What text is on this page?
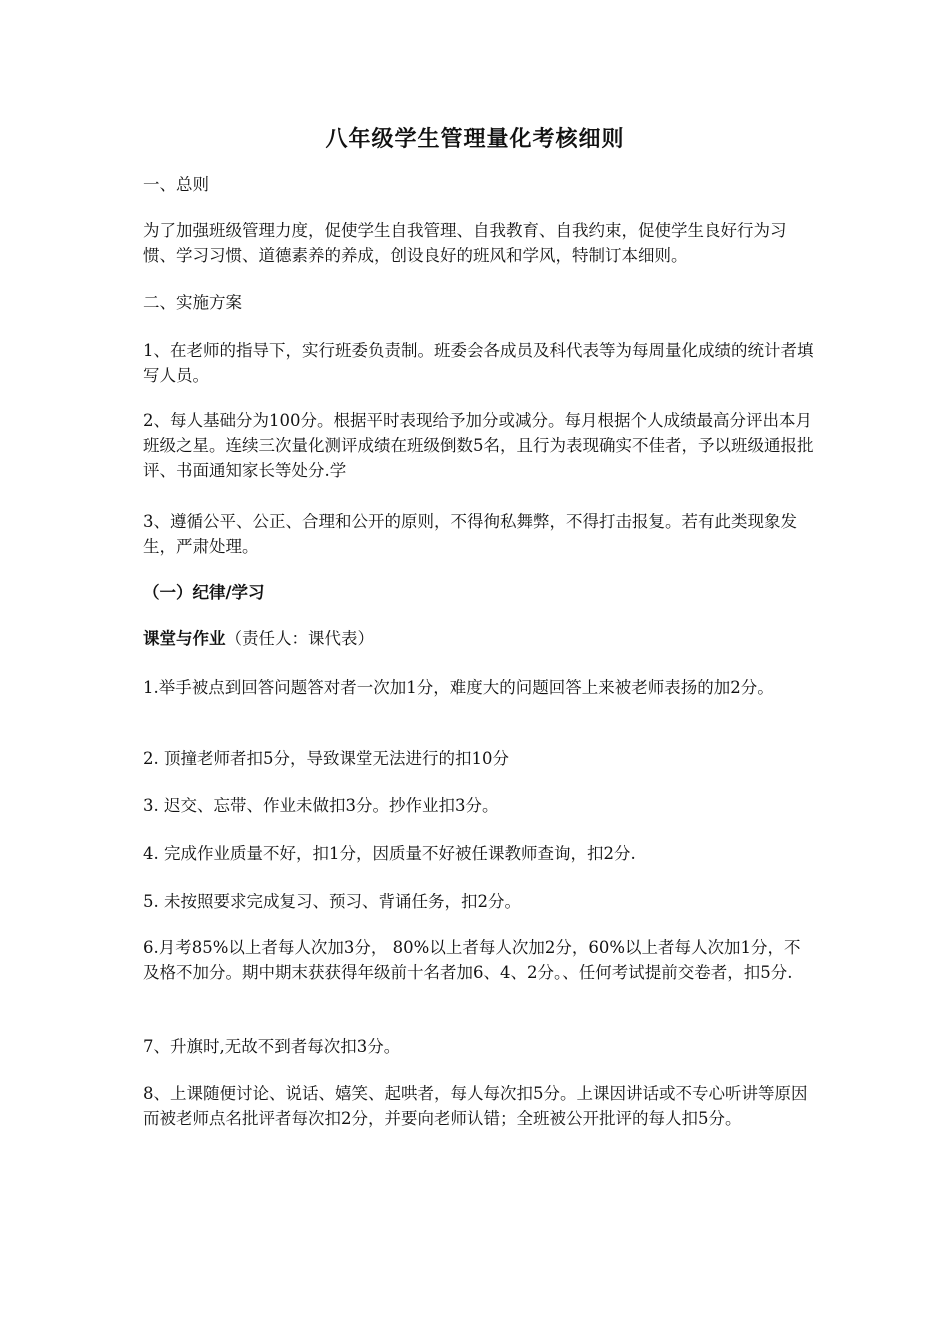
八年级学生管理量化考核细则
一、总则
为了加强班级管理力度，促使学生自我管理、自我教育、自我约束，促使学生良好行为习惯、学习习惯、道德素养的养成，创设良好的班风和学风，特制订本细则。
二、实施方案
1、在老师的指导下，实行班委负责制。班委会各成员及科代表等为每周量化成绩的统计者填写人员。
2、每人基础分为100分。根据平时表现给予加分或减分。每月根据个人成绩最高分评出本月班级之星。连续三次量化测评成绩在班级倒数5名，且行为表现确实不佳者，予以班级通报批评、书面通知家长等处分.学
3、遵循公平、公正、合理和公开的原则，不得徇私舞弊，不得打击报复。若有此类现象发生，严肃处理。
（一）纪律/学习
课堂与作业（责任人：课代表）
1.举手被点到回答问题答对者一次加1分，难度大的问题回答上来被老师表扬的加2分。
2. 顶撞老师者扣5分，导致课堂无法进行的扣10分
3. 迟交、忘带、作业未做扣3分。抄作业扣3分。
4. 完成作业质量不好，扣1分，因质量不好被任课教师查询，扣2分.
5. 未按照要求完成复习、预习、背诵任务，扣2分。
6.月考85%以上者每人次加3分， 80%以上者每人次加2分，60%以上者每人次加1分，不及格不加分。期中期末获获得年级前十名者加6、4、2分。、任何考试提前交卷者，扣5分.
7、升旗时,无故不到者每次扣3分。
8、上课随便讨论、说话、嬉笑、起哄者，每人每次扣5分。上课因讲话或不专心听讲等原因而被老师点名批评者每次扣2分，并要向老师认错；全班被公开批评的每人扣5分。
